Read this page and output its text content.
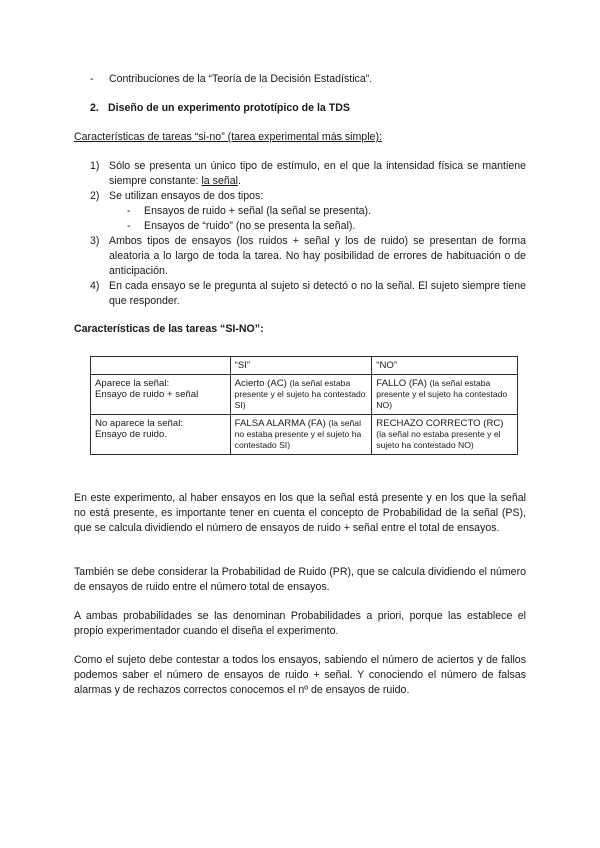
- Contribuciones de la “Teoría de la Decisión Estadística”.
2. Diseño de un experimento prototípico de la TDS
Características de tareas “si-no” (tarea experimental más simple):
1) Sólo se presenta un único tipo de estímulo, en el que la intensidad física se mantiene siempre constante: la señal.
2) Se utilizan ensayos de dos tipos:
- Ensayos de ruido + señal (la señal se presenta).
- Ensayos de “ruido” (no se presenta la señal).
3) Ambos tipos de ensayos (los ruidos + señal y los de ruido) se presentan de forma aleatoria a lo largo de toda la tarea. No hay posibilidad de errores de habituación o de anticipación.
4) En cada ensayo se le pregunta al sujeto si detectó o no la señal. El sujeto siempre tiene que responder.
Características de las tareas “SI-NO”:
	“SI”	“NO”

Aparece la señal:
Ensayo de ruido + señal	Acierto (AC) (la señal estaba presente y el sujeto ha contestado SI)	FALLO (FA) (la señal estaba presente y el sujeto ha contestado NO)

No aparece la señal:
Ensayo de ruido.	FALSA ALARMA (FA) (la señal no estaba presente y el sujeto ha contestado SI)	RECHAZO CORRECTO (RC) (la señal no estaba presente y el sujeto ha contestado NO)
En este experimento, al haber ensayos en los que la señal está presente y en los que la señal no está presente, es importante tener en cuenta el concepto de Probabilidad de la señal (PS), que se calcula dividiendo el número de ensayos de ruido + señal entre el total de ensayos.
También se debe considerar la Probabilidad de Ruido (PR), que se calcula dividiendo el número de ensayos de ruido entre el número total de ensayos.
A ambas probabilidades se las denominan Probabilidades a priori, porque las establece el propio experimentador cuando el diseña el experimento.
Como el sujeto debe contestar a todos los ensayos, sabiendo el número de aciertos y de fallos podemos saber el número de ensayos de ruido + señal. Y conociendo el número de falsas alarmas y de rechazos correctos conocemos el nº de ensayos de ruido.
